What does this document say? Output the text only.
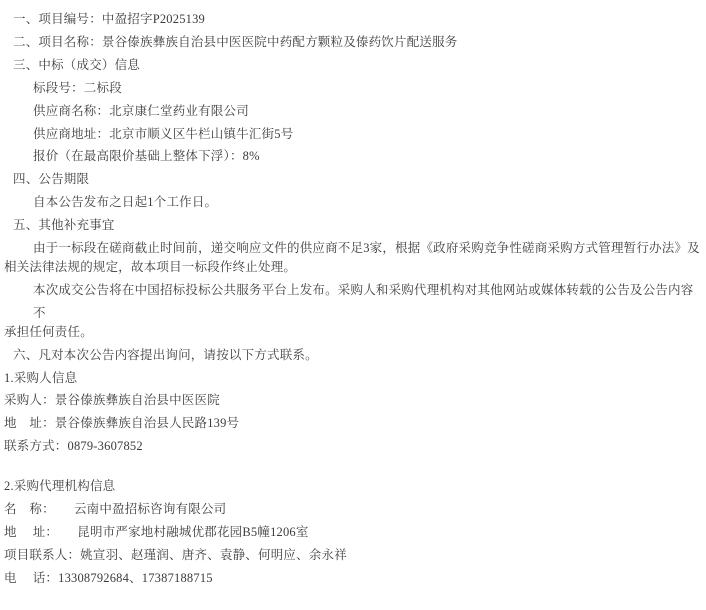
一、项目编号：中盈招字P2025139
二、项目名称：景谷傣族彝族自治县中医医院中药配方颗粒及傣药饮片配送服务
三、中标（成交）信息
标段号：二标段
供应商名称：北京康仁堂药业有限公司
供应商地址：北京市顺义区牛栏山镇牛汇街5号
报价（在最高限价基础上整体下浮）：8%
四、公告期限
自本公告发布之日起1个工作日。
五、其他补充事宜
由于一标段在磋商截止时间前，递交响应文件的供应商不足3家，根据《政府采购竞争性磋商采购方式管理暂行办法》及
相关法律法规的规定，故本项目一标段作终止处理。
本次成交公告将在中国招标投标公共服务平台上发布。采购人和采购代理机构对其他网站或媒体转载的公告及公告内容不
承担任何责任。
六、凡对本次公告内容提出询问，请按以下方式联系。
1.采购人信息
采购人：景谷傣族彝族自治县中医医院
地　址：景谷傣族彝族自治县人民路139号
联系方式：0879-3607852
2.采购代理机构信息
名　称：　　云南中盈招标咨询有限公司
地　 址：　　昆明市严家地村融城优郡花园B5幢1206室
项目联系人：姚宣羽、赵瑾润、唐齐、袁静、何明应、余永祥
电　 话：13308792684、17387188715
